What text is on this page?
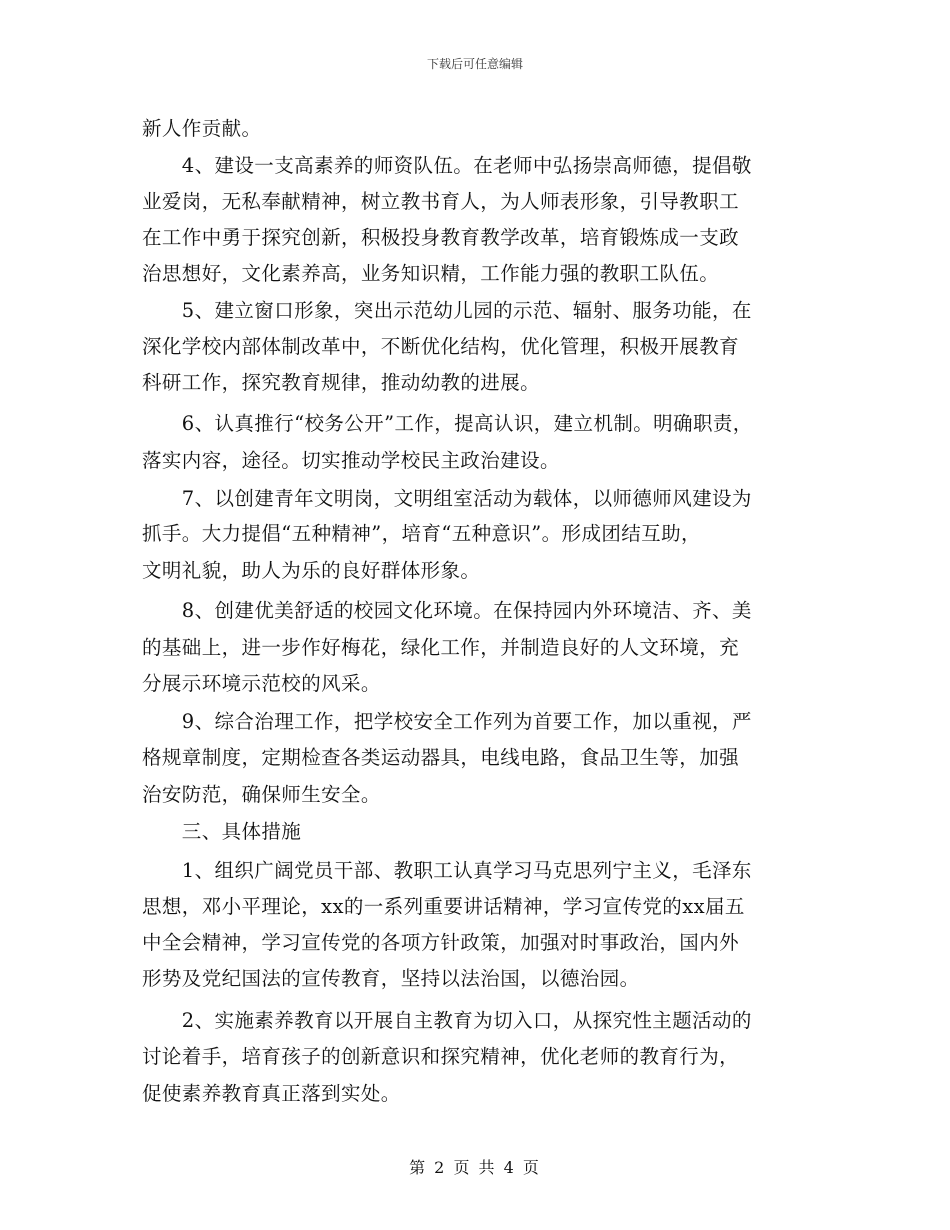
下载后可任意编辑
新人作贡献。
　　4、建设一支高素养的师资队伍。在老师中弘扬崇高师德，提倡敬
业爱岗，无私奉献精神，树立教书育人，为人师表形象，引导教职工
在工作中勇于探究创新，积极投身教育教学改革，培育锻炼成一支政
治思想好，文化素养高，业务知识精，工作能力强的教职工队伍。
　　5、建立窗口形象，突出示范幼儿园的示范、辐射、服务功能，在
深化学校内部体制改革中，不断优化结构，优化管理，积极开展教育
科研工作，探究教育规律，推动幼教的进展。
　　6、认真推行“校务公开”工作，提高认识，建立机制。明确职责，
落实内容，途径。切实推动学校民主政治建设。
　　7、以创建青年文明岗，文明组室活动为载体，以师德师风建设为
抓手。大力提倡“五种精神”，培育“五种意识”。形成团结互助，
文明礼貌，助人为乐的良好群体形象。
　　8、创建优美舒适的校园文化环境。在保持园内外环境洁、齐、美
的基础上，进一步作好梅花，绿化工作，并制造良好的人文环境，充
分展示环境示范校的风采。
　　9、综合治理工作，把学校安全工作列为首要工作，加以重视，严
格规章制度，定期检查各类运动器具，电线电路，食品卫生等，加强
治安防范，确保师生安全。
　　三、具体措施
　　1、组织广阔党员干部、教职工认真学习马克思列宁主义，毛泽东
思想，邓小平理论，xx的一系列重要讲话精神，学习宣传党的xx届五
中全会精神，学习宣传党的各项方针政策，加强对时事政治，国内外
形势及党纪国法的宣传教育，坚持以法治国，以德治园。
　　2、实施素养教育以开展自主教育为切入口，从探究性主题活动的
讨论着手，培育孩子的创新意识和探究精神，优化老师的教育行为，
促使素养教育真正落到实处。
第 2 页 共 4 页
